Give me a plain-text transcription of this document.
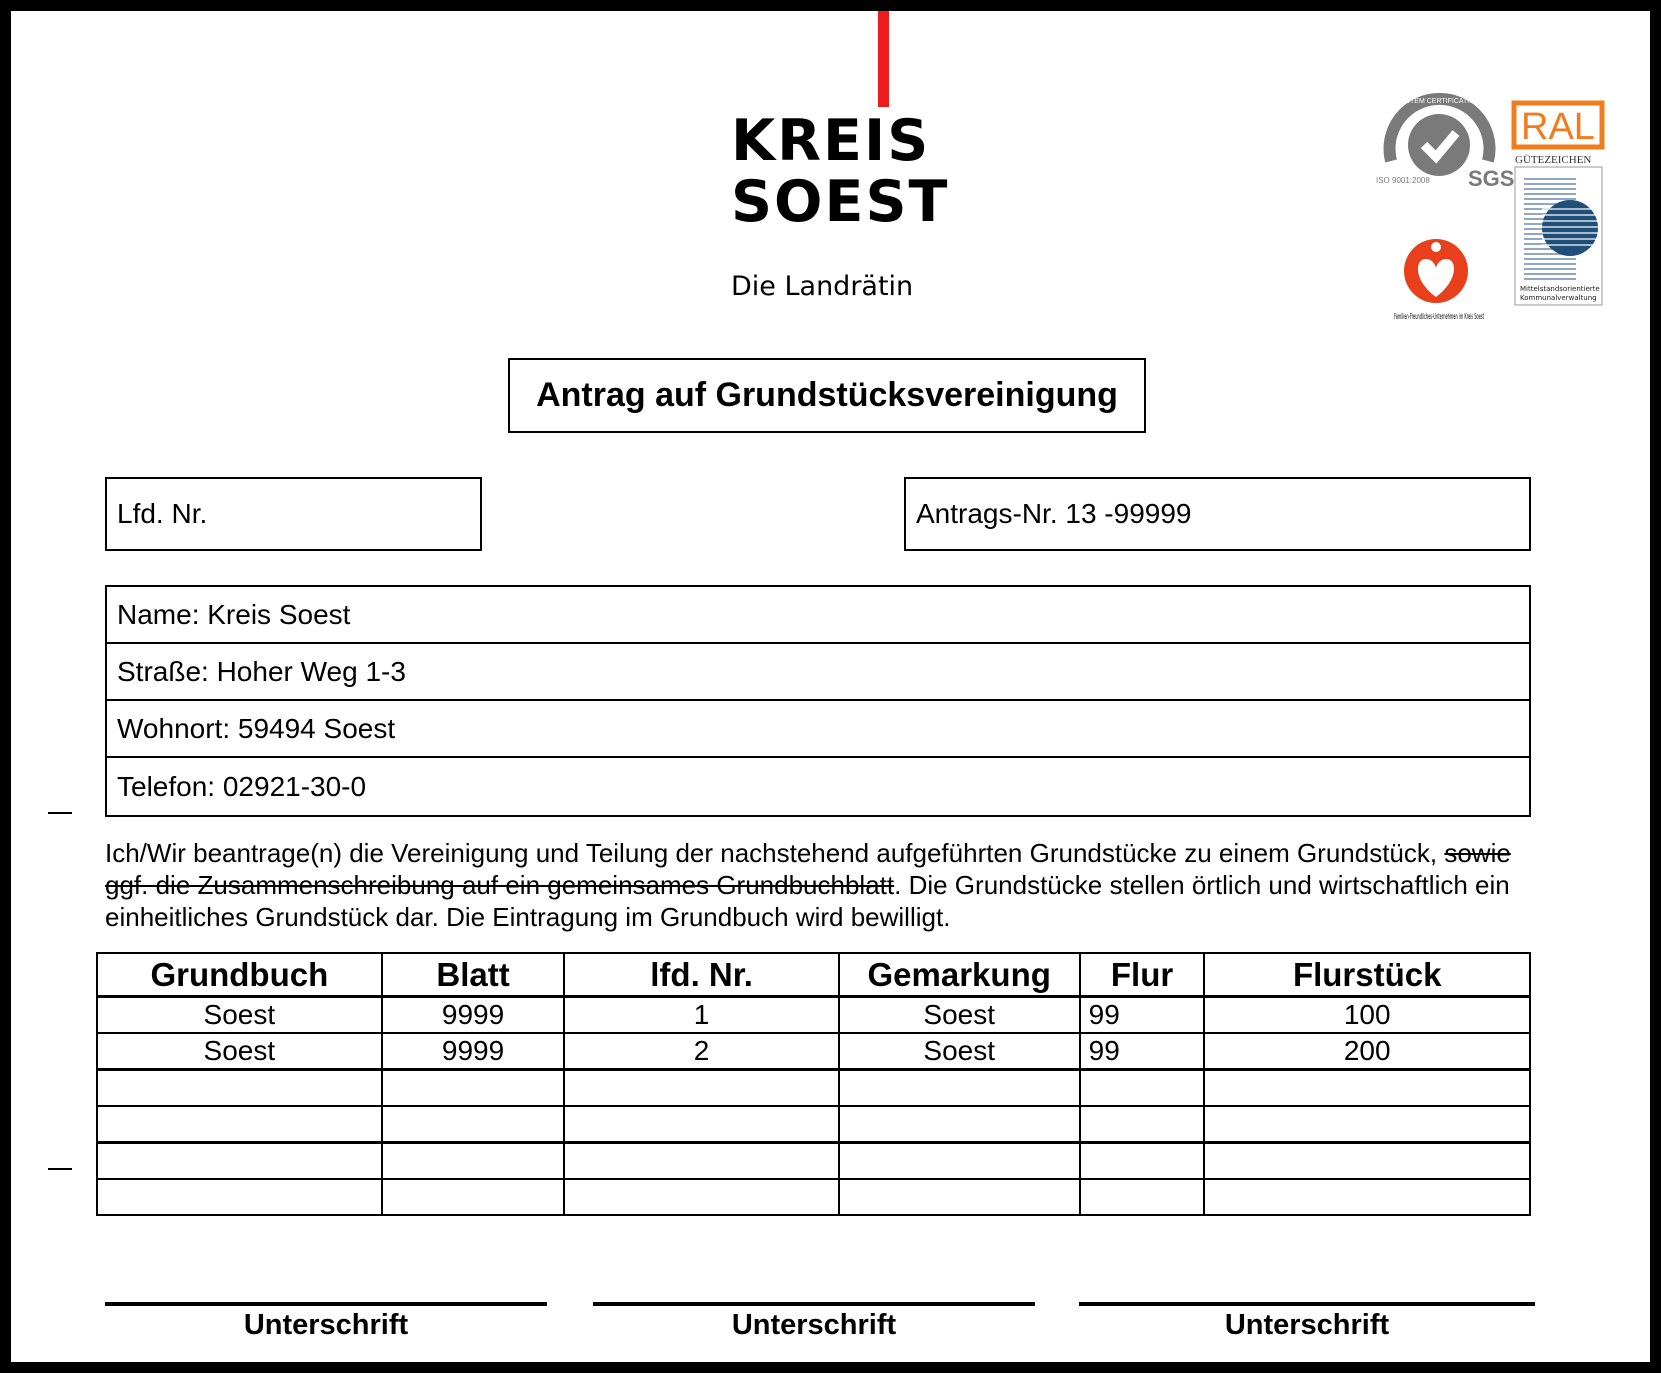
KREIS
SOEST
Die Landrätin
SGS
ISO 9001:2008
SYSTEM CERTIFICATION
Familien-Freundliches-Unternehmen im Kreis Soest
RAL
GÜTEZEICHEN
Mittelstandsorientierte
Kommunalverwaltung
Antrag auf Grundstücksvereinigung
Lfd. Nr.	Antrags-Nr. 13 -99999
Name: Kreis Soest
Straße: Hoher Weg 1-3
Wohnort: 59494 Soest
Telefon: 02921-30-0
Ich/Wir beantrage(n) die Vereinigung und Teilung der nachstehend aufgeführten Grundstücke zu einem Grundstück, sowie ggf. die Zusammenschreibung auf ein gemeinsames Grundbuchblatt. Die Grundstücke stellen örtlich und wirtschaftlich ein einheitliches Grundstück dar. Die Eintragung im Grundbuch wird bewilligt.
Grundbuch	Blatt	lfd. Nr.	Gemarkung	Flur	Flurstück
Soest	9999	1	Soest	99	100
Soest	9999	2	Soest	99	200

Unterschrift	Unterschrift	Unterschrift
